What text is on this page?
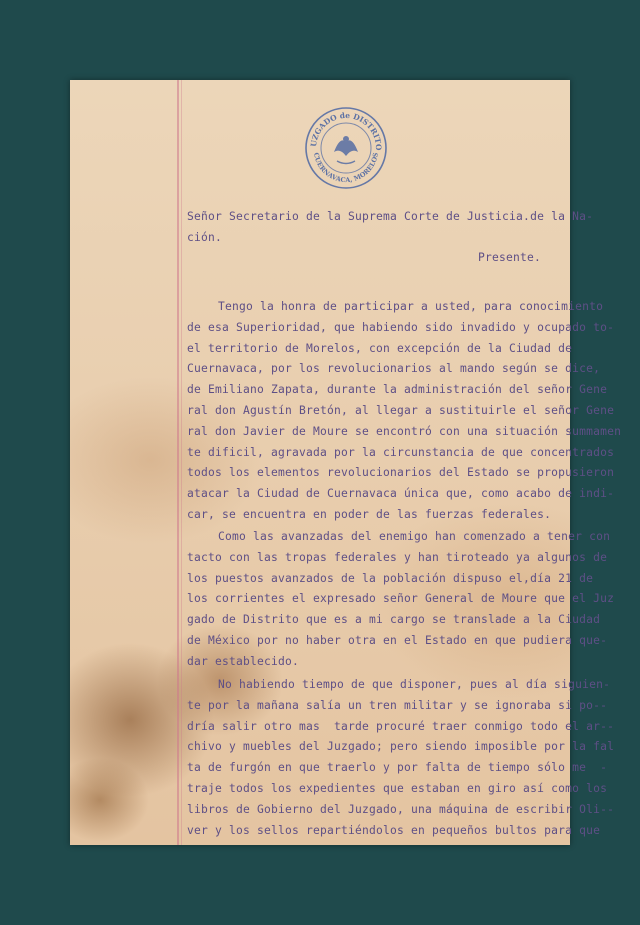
UZGADO de DISTRITO
CUERNAVACA, MORELOS
Señor Secretario de la Suprema Corte de Justicia.de la Na-
ción.
Presente.
Tengo la honra de participar a usted, para conocimiento
de esa Superioridad, que habiendo sido invadido y ocupado to-
el territorio de Morelos, con excepción de la Ciudad de
Cuernavaca, por los revolucionarios al mando según se dice,
de Emiliano Zapata, durante la administración del señor Gene
ral don Agustín Bretón, al llegar a sustituirle el señor Gene
ral don Javier de Moure se encontró con una situación summamen
te dificil, agravada por la circunstancia de que concentrados
todos los elementos revolucionarios del Estado se propusieron
atacar la Ciudad de Cuernavaca única que, como acabo de indi-
car, se encuentra en poder de las fuerzas federales.
Como las avanzadas del enemigo han comenzado a tener con
tacto con las tropas federales y han tiroteado ya algunos de
los puestos avanzados de la población dispuso el,día 21 de
los corrientes el expresado señor General de Moure que el Juz
gado de Distrito que es a mi cargo se translade a la Ciudad
de México por no haber otra en el Estado en que pudiera que-
dar establecido.
No habiendo tiempo de que disponer, pues al día siguien-
te por la mañana salía un tren militar y se ignoraba si po--
dría salir otro mas  tarde procuré traer conmigo todo el ar--
chivo y muebles del Juzgado; pero siendo imposible por la fal
ta de furgón en que traerlo y por falta de tiempo sólo me  -
traje todos los expedientes que estaban en giro así como los
libros de Gobierno del Juzgado, una máquina de escribir Oli--
ver y los sellos repartiéndolos en pequeños bultos para que
